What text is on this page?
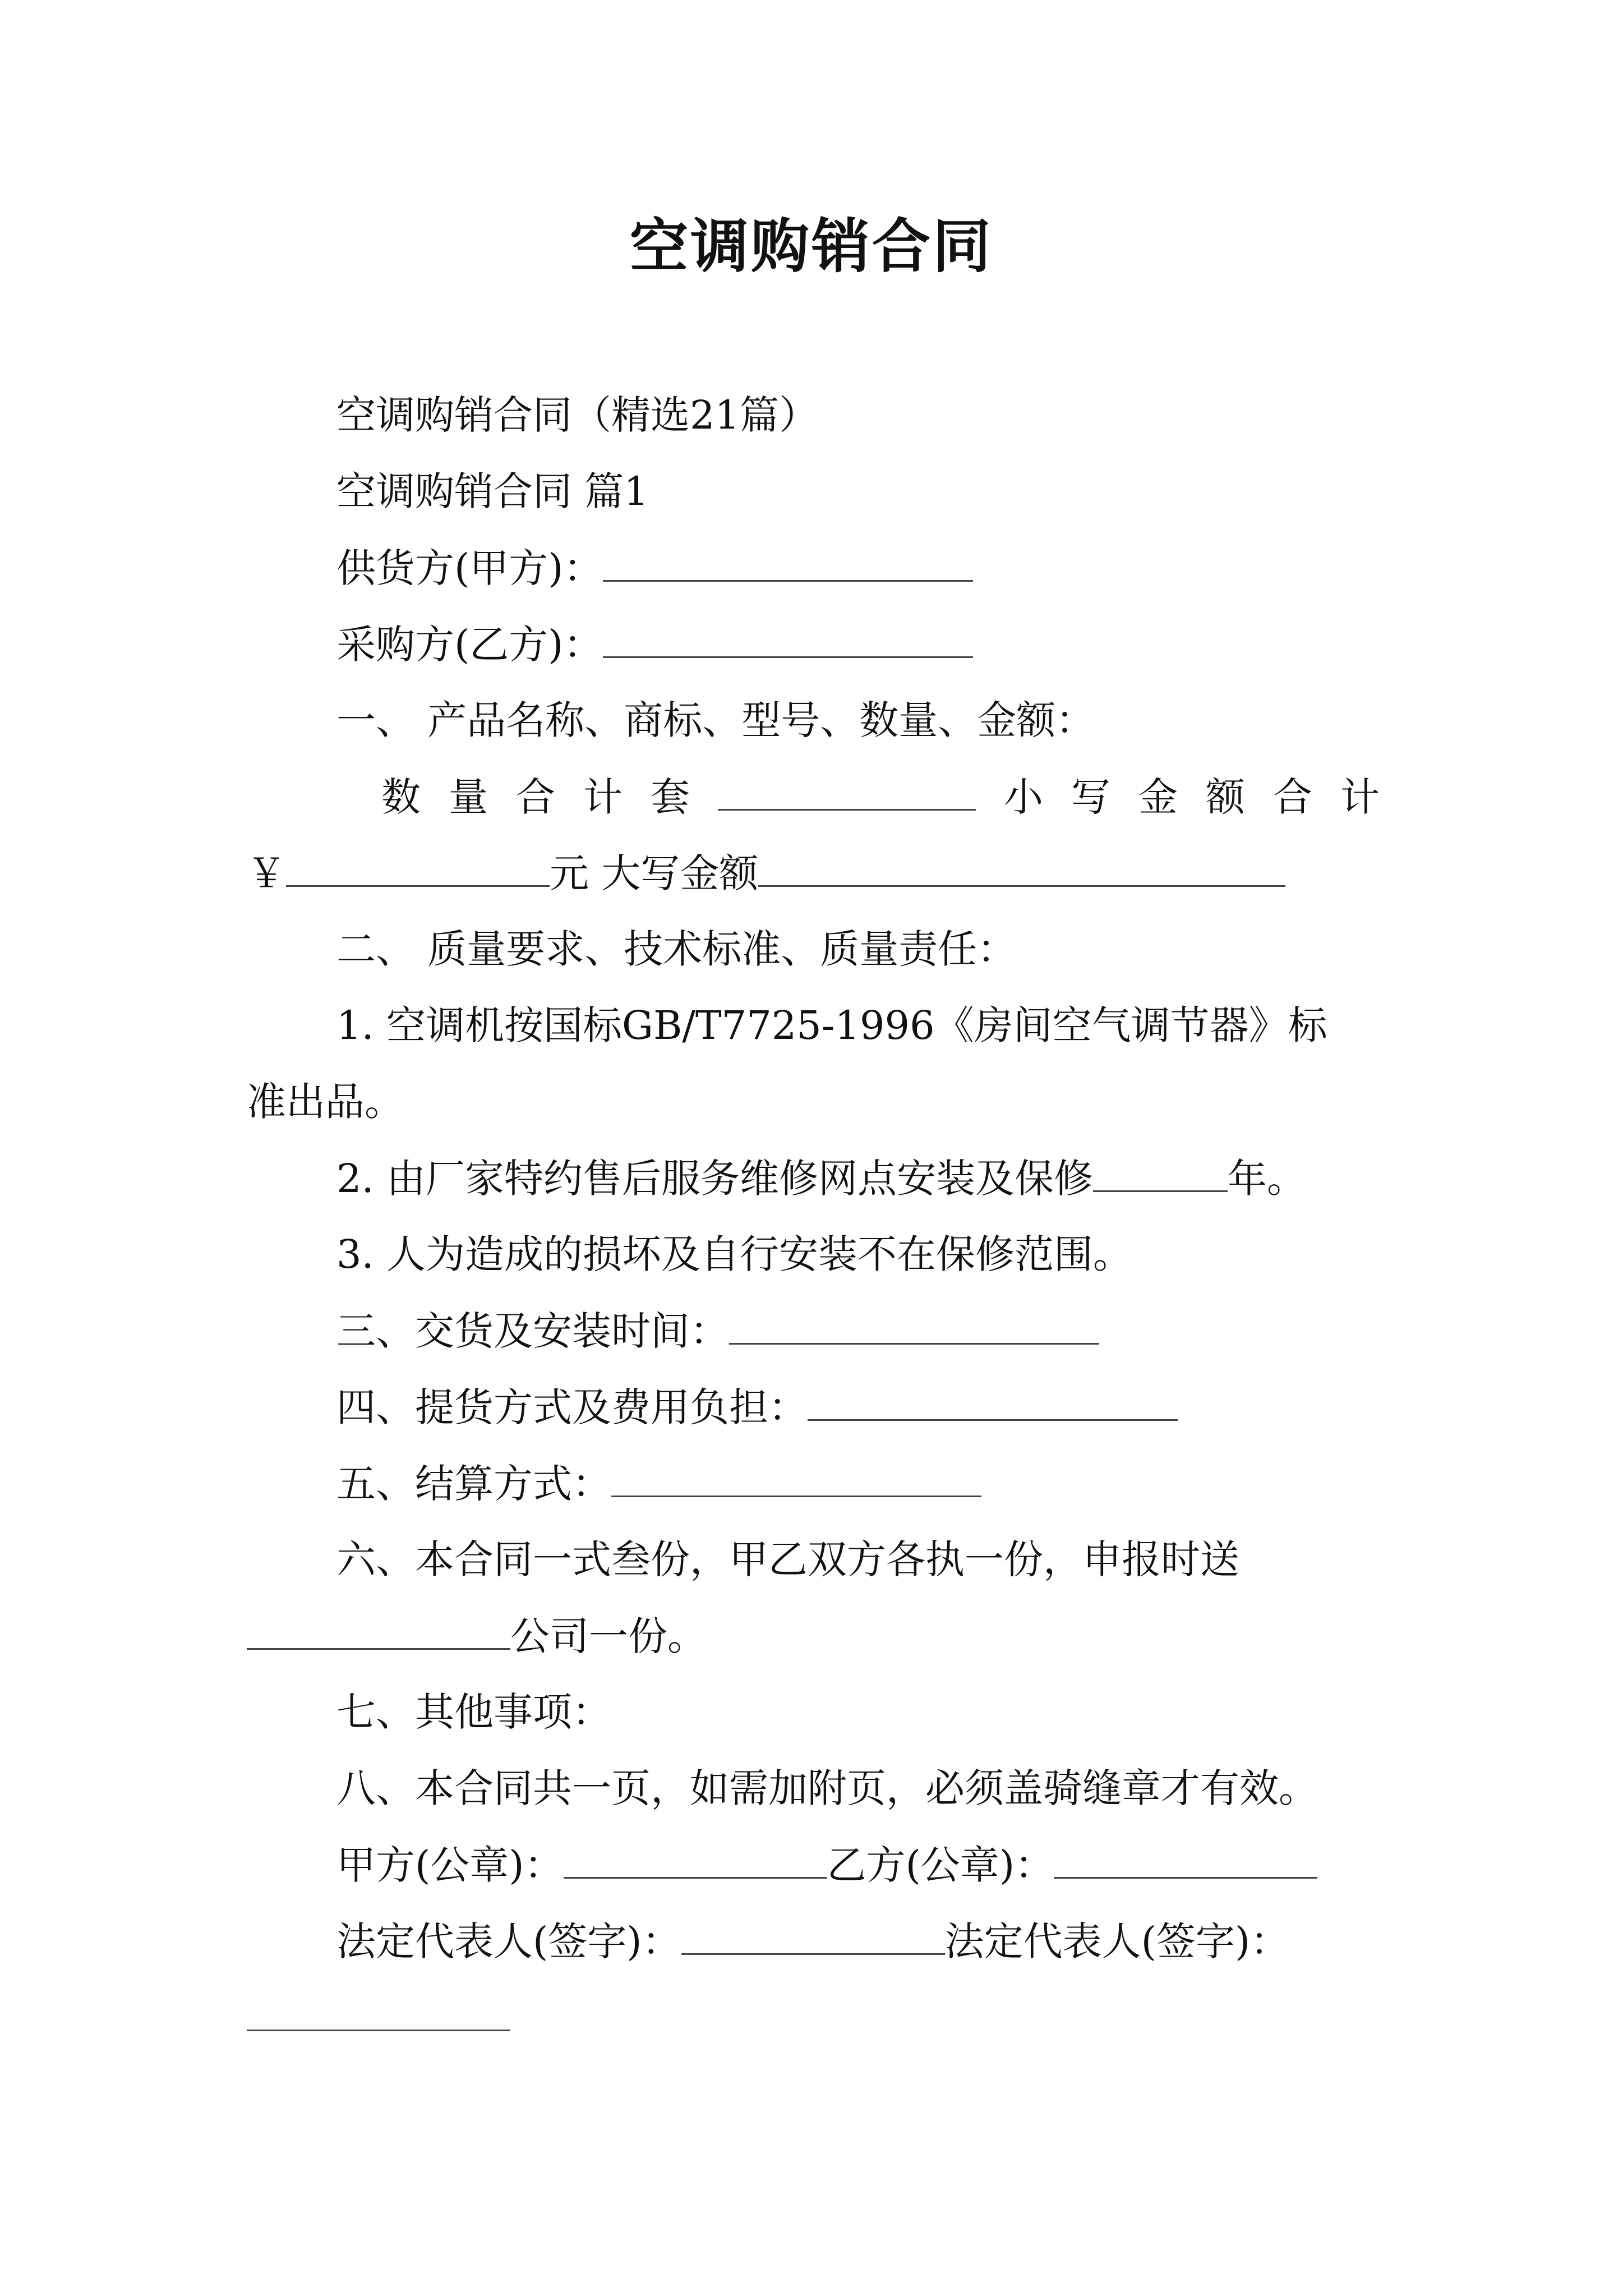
空调购销合同
空调购销合同（精选21篇）
空调购销合同 篇1
供货方(甲方)：
采购方(乙方)：
一、 产品名称、商标、型号、数量、金额：
数 量 合 计 套	小 写 金 额 合 计
￥	元 大写金额
二、 质量要求、技术标准、质量责任：
1. 空调机按国标GB/T7725-1996《房间空气调节器》标
准出品。
2. 由厂家特约售后服务维修网点安装及保修	年。
3. 人为造成的损坏及自行安装不在保修范围。
三、交货及安装时间：
四、提货方式及费用负担：
五、结算方式：
六、本合同一式叁份，甲乙双方各执一份，申报时送
公司一份。
七、其他事项：
八、本合同共一页，如需加附页，必须盖骑缝章才有效。
甲方(公章)：	乙方(公章)：
法定代表人(签字)：	法定代表人(签字)：
